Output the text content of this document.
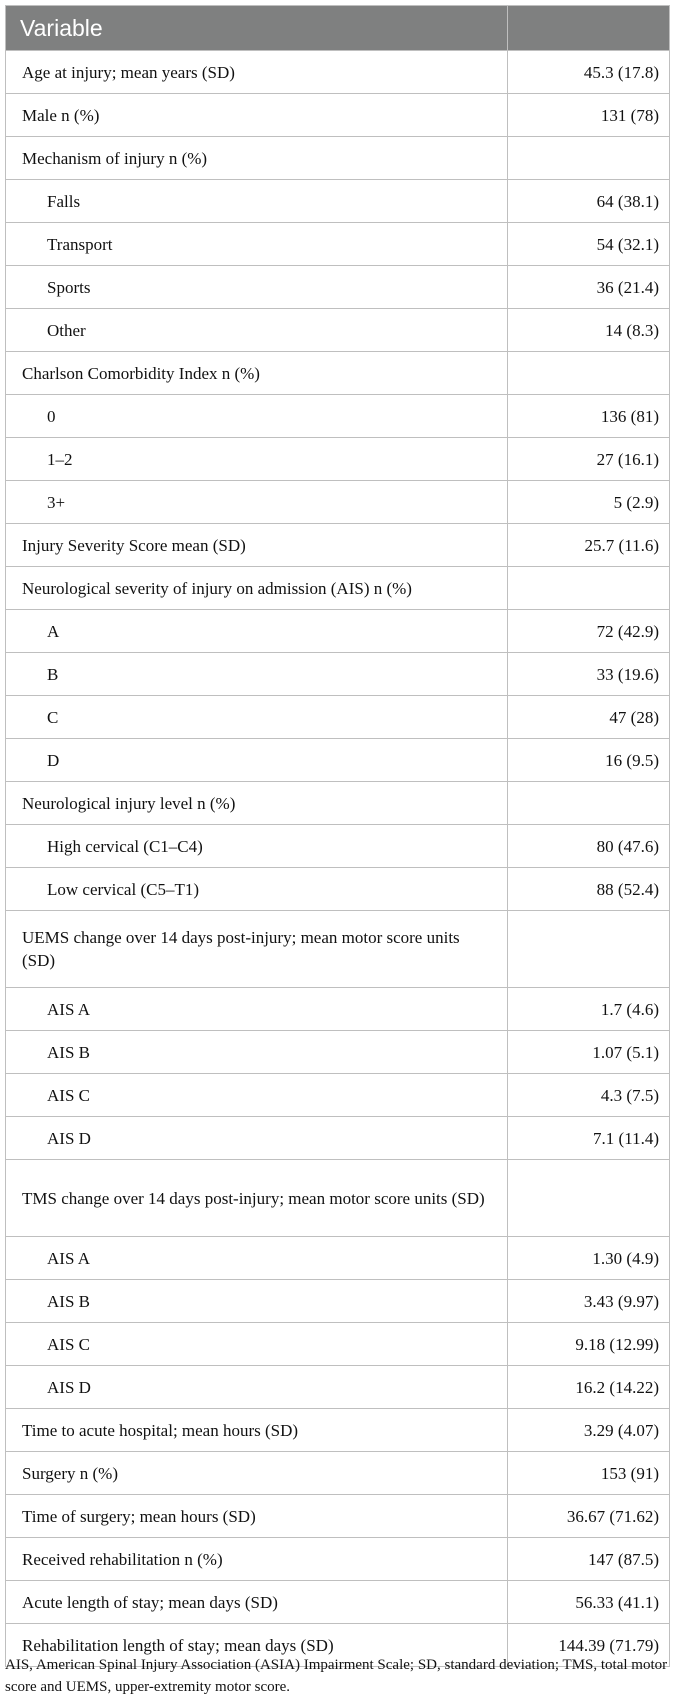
Variable	
Age at injury; mean years (SD)	45.3 (17.8)
Male n (%)	131 (78)
Mechanism of injury n (%)	
Falls	64 (38.1)
Transport	54 (32.1)
Sports	36 (21.4)
Other	14 (8.3)
Charlson Comorbidity Index n (%)	
0	136 (81)
1–2	27 (16.1)
3+	5 (2.9)
Injury Severity Score mean (SD)	25.7 (11.6)
Neurological severity of injury on admission (AIS) n (%)	
A	72 (42.9)
B	33 (19.6)
C	47 (28)
D	16 (9.5)
Neurological injury level n (%)	
High cervical (C1–C4)	80 (47.6)
Low cervical (C5–T1)	88 (52.4)
UEMS change over 14 days post-injury; mean motor score units (SD)	
AIS A	1.7 (4.6)
AIS B	1.07 (5.1)
AIS C	4.3 (7.5)
AIS D	7.1 (11.4)
TMS change over 14 days post-injury; mean motor score units (SD)	
AIS A	1.30 (4.9)
AIS B	3.43 (9.97)
AIS C	9.18 (12.99)
AIS D	16.2 (14.22)
Time to acute hospital; mean hours (SD)	3.29 (4.07)
Surgery n (%)	153 (91)
Time of surgery; mean hours (SD)	36.67 (71.62)
Received rehabilitation n (%)	147 (87.5)
Acute length of stay; mean days (SD)	56.33 (41.1)
Rehabilitation length of stay; mean days (SD)	144.39 (71.79)
AIS, American Spinal Injury Association (ASIA) Impairment Scale; SD, standard deviation; TMS, total motor score and UEMS, upper-extremity motor score.
